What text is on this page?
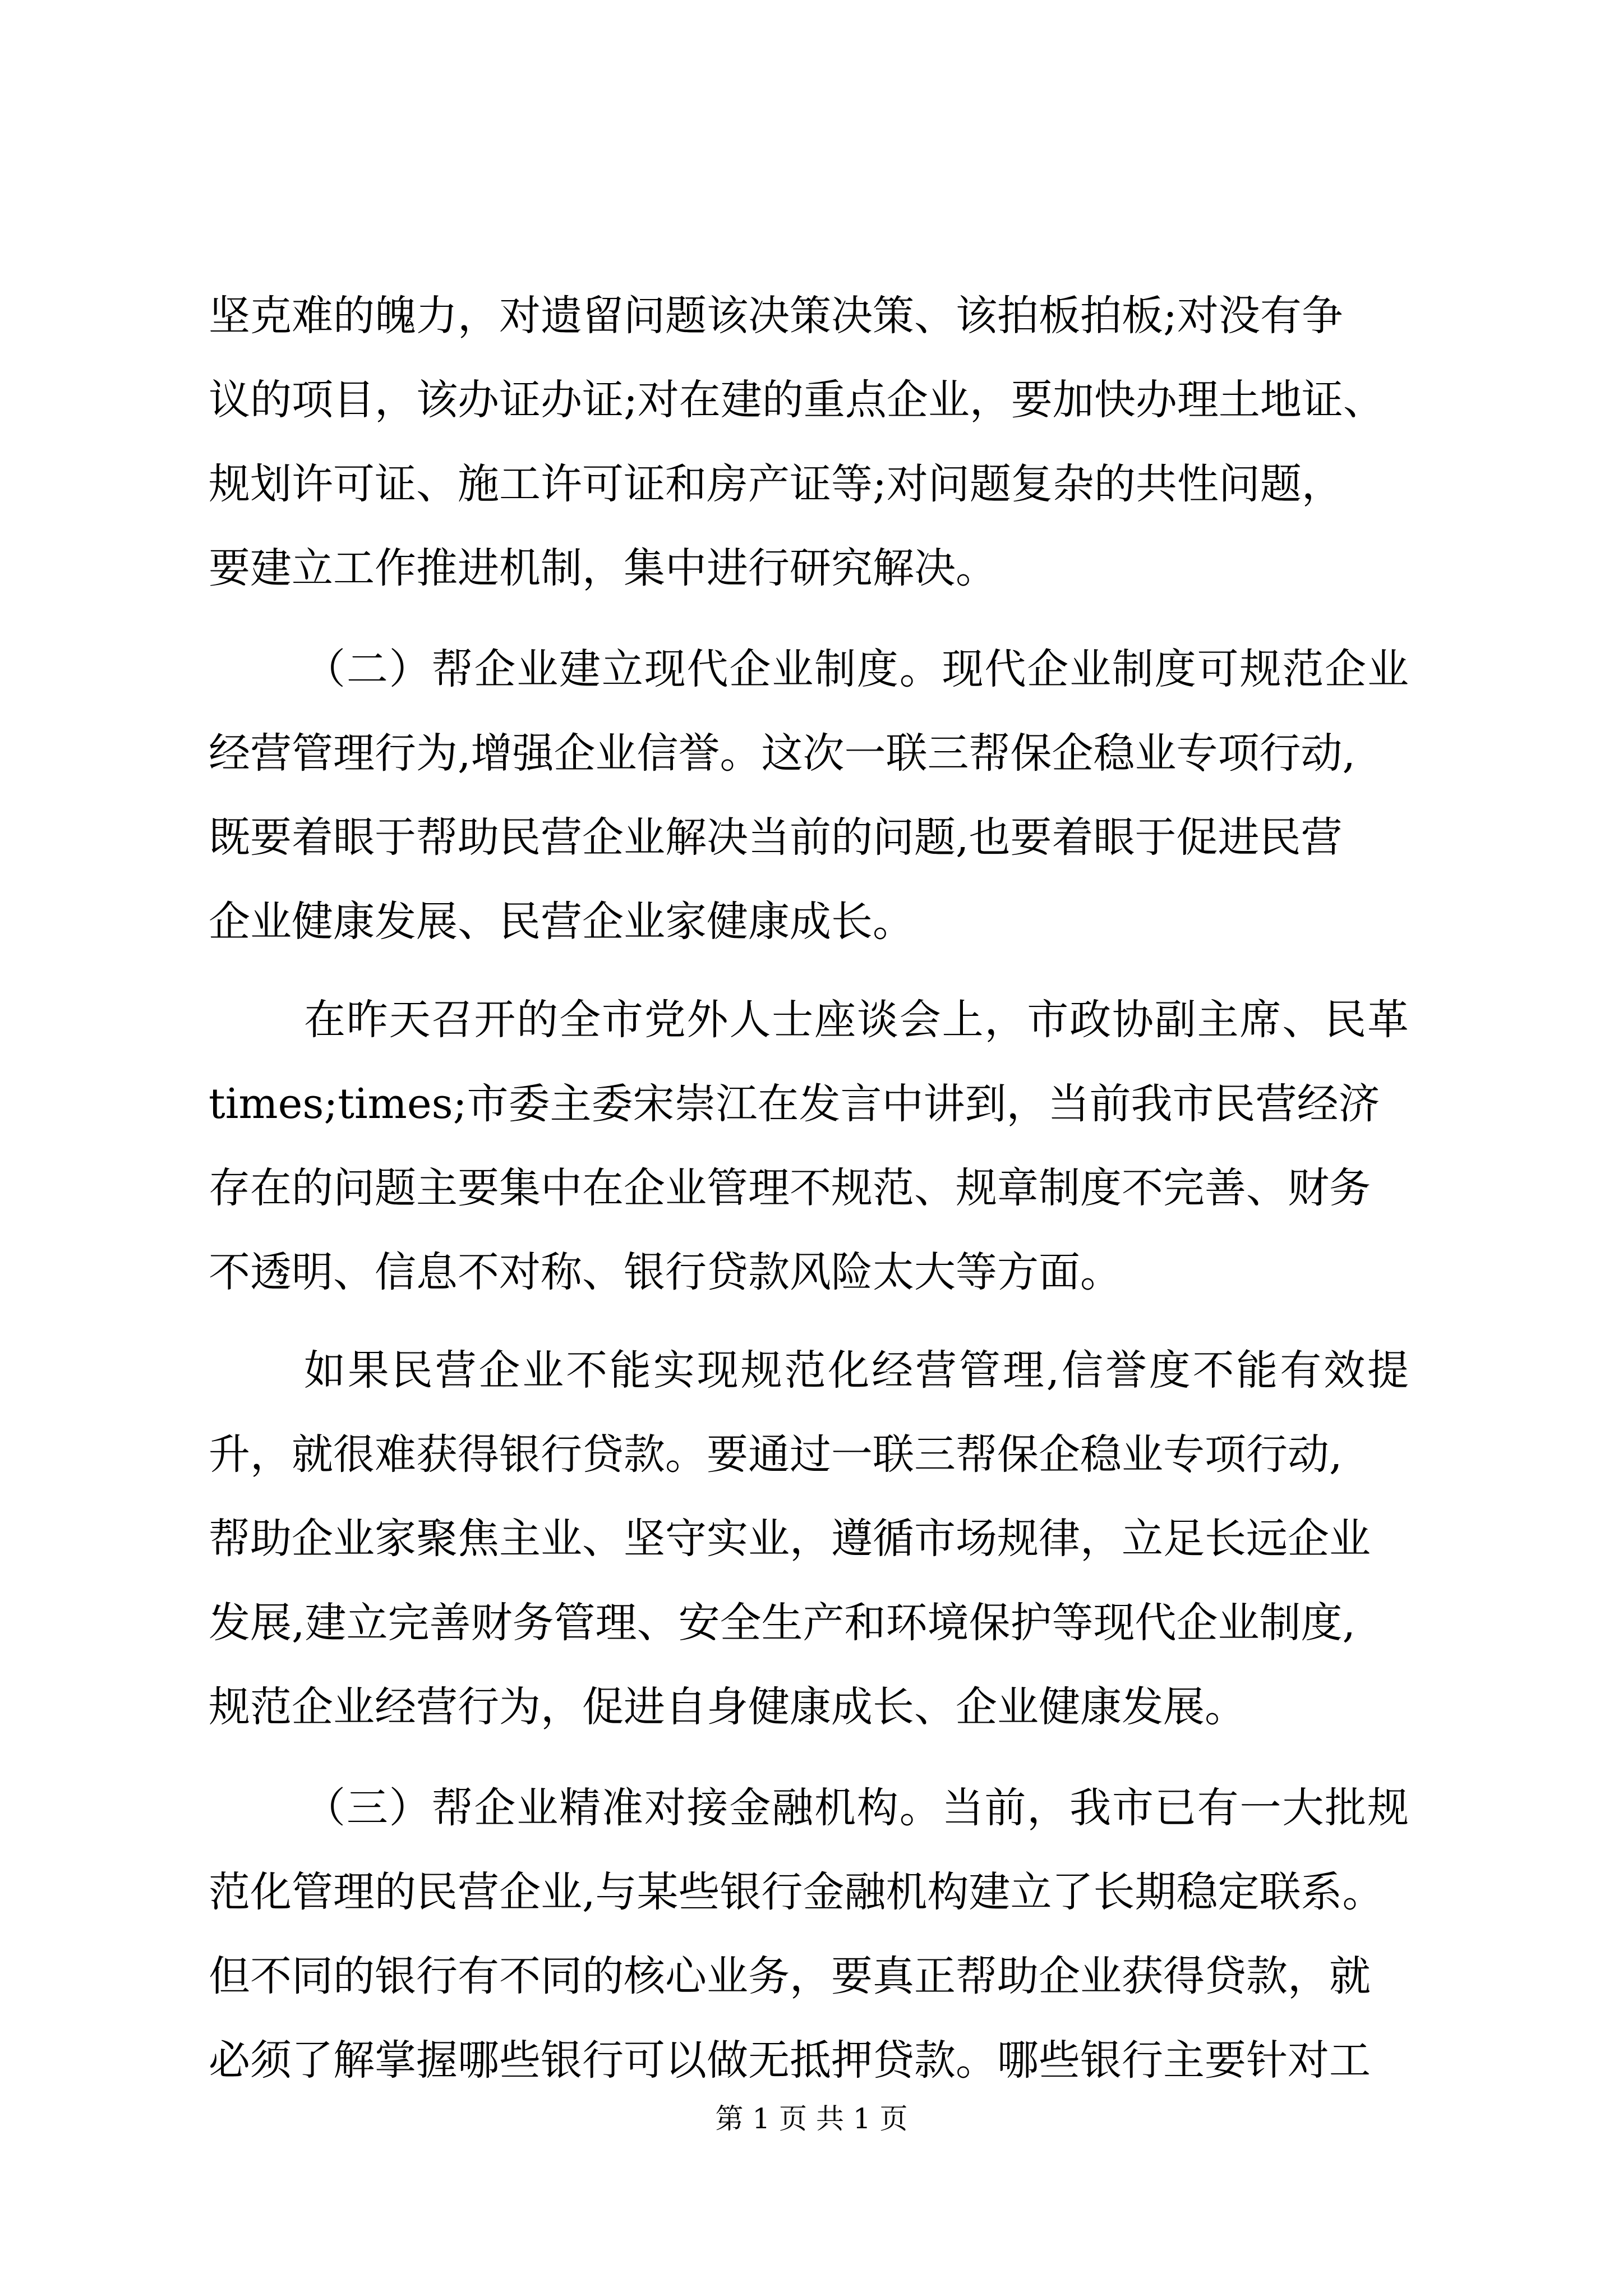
坚克难的魄力，对遗留问题该决策决策、该拍板拍板;对没有争
议的项目，该办证办证;对在建的重点企业，要加快办理土地证、
规划许可证、施工许可证和房产证等;对问题复杂的共性问题，
要建立工作推进机制，集中进行研究解决。
（二）帮企业建立现代企业制度。现代企业制度可规范企业
经营管理行为,增强企业信誉。这次一联三帮保企稳业专项行动,
既要着眼于帮助民营企业解决当前的问题,也要着眼于促进民营
企业健康发展、民营企业家健康成长。
在昨天召开的全市党外人士座谈会上，市政协副主席、民革
times;times;市委主委宋崇江在发言中讲到，当前我市民营经济
存在的问题主要集中在企业管理不规范、规章制度不完善、财务
不透明、信息不对称、银行贷款风险太大等方面。
如果民营企业不能实现规范化经营管理,信誉度不能有效提
升，就很难获得银行贷款。要通过一联三帮保企稳业专项行动,
帮助企业家聚焦主业、坚守实业，遵循市场规律，立足长远企业
发展,建立完善财务管理、安全生产和环境保护等现代企业制度,
规范企业经营行为，促进自身健康成长、企业健康发展。
（三）帮企业精准对接金融机构。当前，我市已有一大批规
范化管理的民营企业,与某些银行金融机构建立了长期稳定联系。
但不同的银行有不同的核心业务，要真正帮助企业获得贷款，就
必须了解掌握哪些银行可以做无抵押贷款。哪些银行主要针对工
第 1 页 共 1 页
